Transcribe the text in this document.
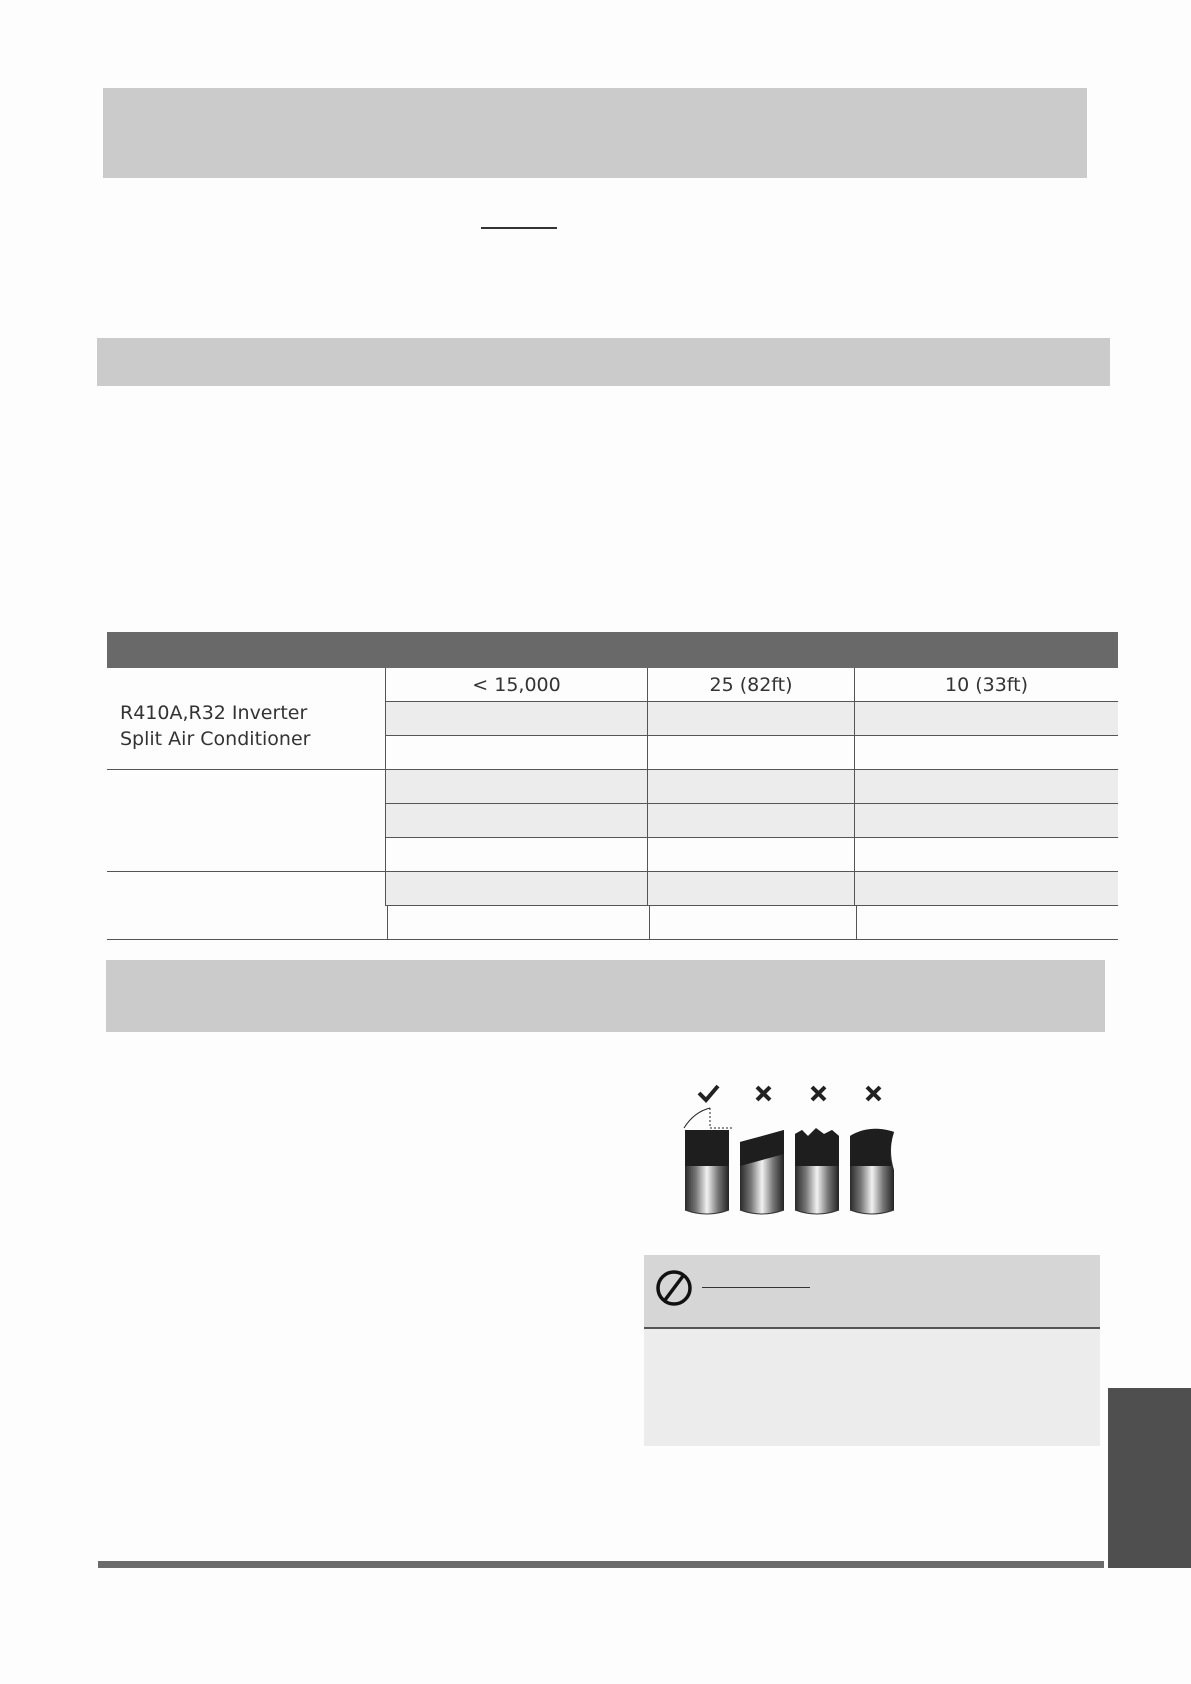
R410A,R32 Inverter
Split Air Conditioner
< 15,000	25 (82ft)	10 (33ft)
